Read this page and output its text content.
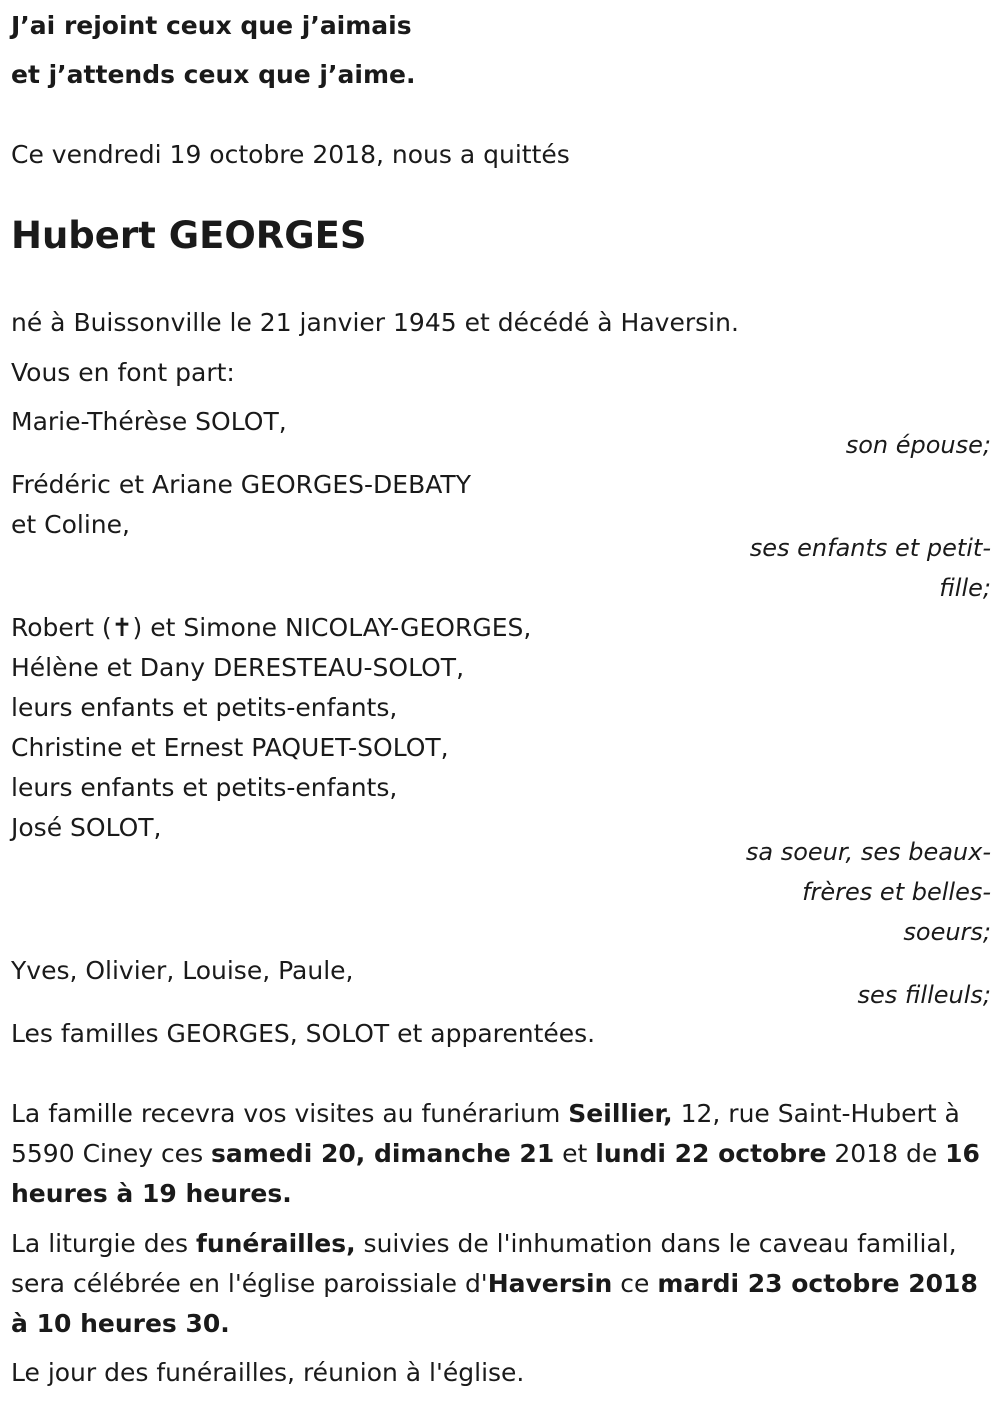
J’ai rejoint ceux que j’aimais

et j’attends ceux que j’aime.

Ce vendredi 19 octobre 2018, nous a quittés

Hubert GEORGES

né à Buissonville le 21 janvier 1945 et décédé à Haversin.

Vous en font part:

Marie-Thérèse SOLOT,

son épouse;

Frédéric et Ariane GEORGES-DEBATY

et Coline,

ses enfants et petit-
fille;

Robert (✝) et Simone NICOLAY-GEORGES,

Hélène et Dany DERESTEAU-SOLOT,

leurs enfants et petits-enfants,

Christine et Ernest PAQUET-SOLOT,

leurs enfants et petits-enfants,

José SOLOT,

sa soeur, ses beaux-
frères et belles-
soeurs;

Yves, Olivier, Louise, Paule,

ses filleuls;

Les familles GEORGES, SOLOT et apparentées.

La famille recevra vos visites au funérarium Seillier, 12, rue Saint-Hubert à 5590 Ciney ces samedi 20, dimanche 21 et lundi 22 octobre 2018 de 16 heures à 19 heures.

La liturgie des funérailles, suivies de l'inhumation dans le caveau familial, sera célébrée en l'église paroissiale d'Haversin ce mardi 23 octobre 2018 à 10 heures 30.

Le jour des funérailles, réunion à l'église.
